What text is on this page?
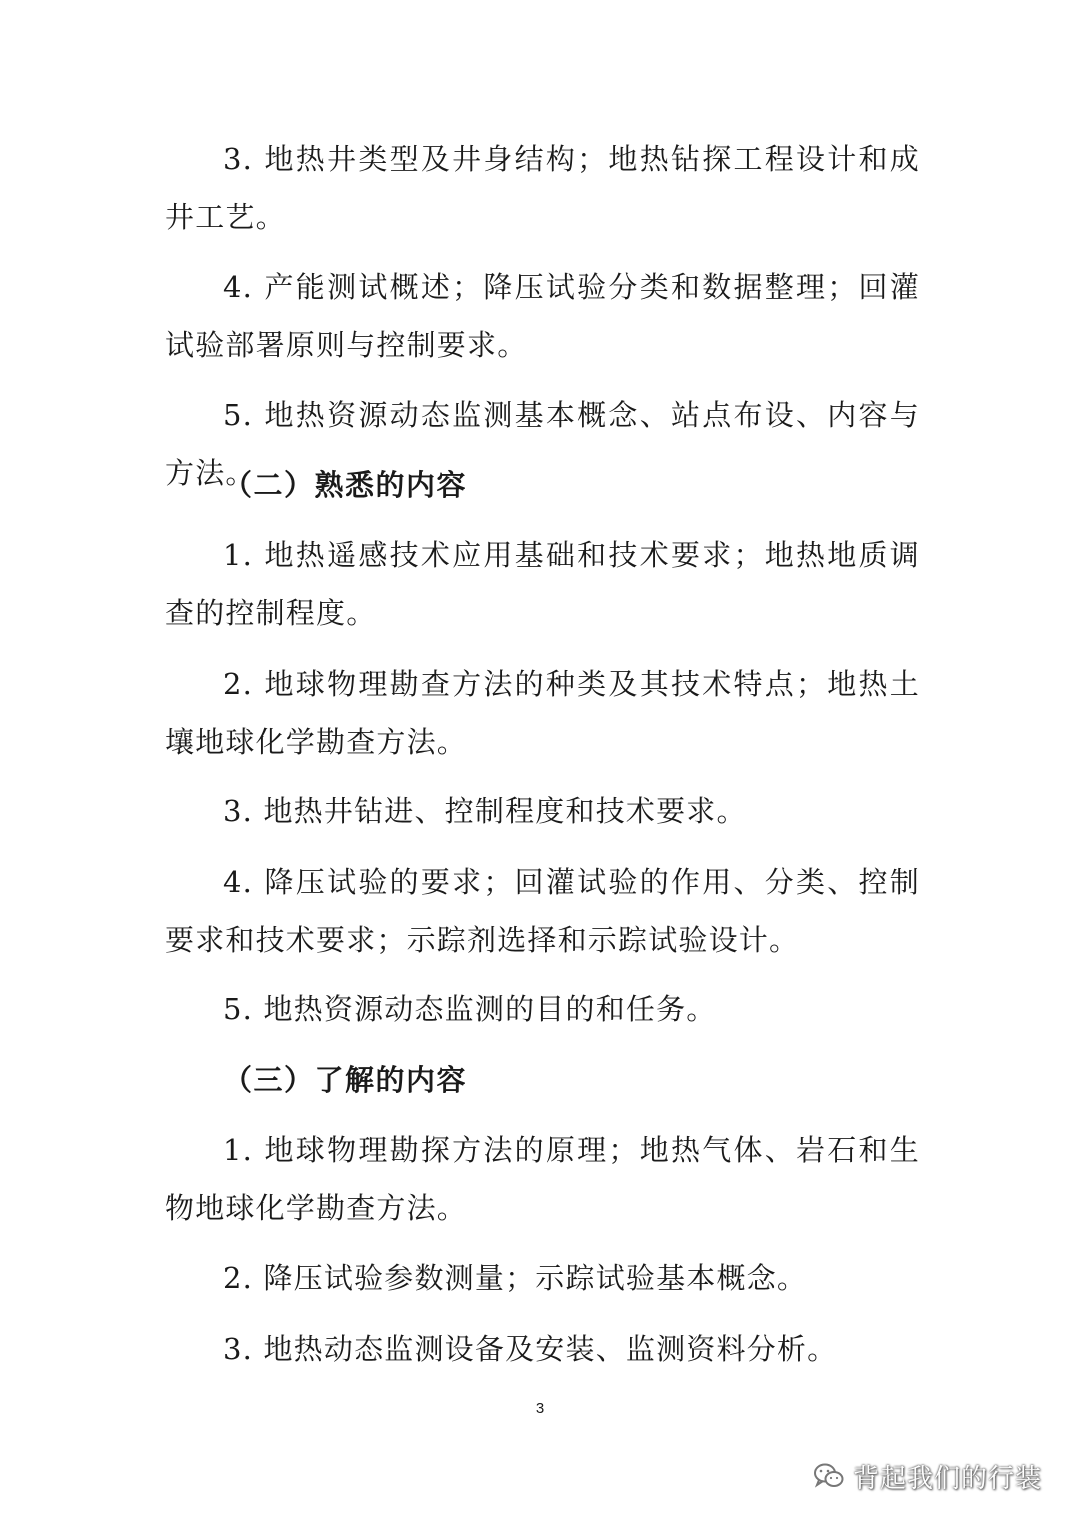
3. 地热井类型及井身结构；地热钻探工程设计和成井工艺。

4. 产能测试概述；降压试验分类和数据整理；回灌试验部署原则与控制要求。

5. 地热资源动态监测基本概念、站点布设、内容与方法。

（二）熟悉的内容

1. 地热遥感技术应用基础和技术要求；地热地质调查的控制程度。

2. 地球物理勘查方法的种类及其技术特点；地热土壤地球化学勘查方法。

3. 地热井钻进、控制程度和技术要求。

4. 降压试验的要求；回灌试验的作用、分类、控制要求和技术要求；示踪剂选择和示踪试验设计。

5. 地热资源动态监测的目的和任务。

（三）了解的内容

1. 地球物理勘探方法的原理；地热气体、岩石和生物地球化学勘查方法。

2. 降压试验参数测量；示踪试验基本概念。

3. 地热动态监测设备及安装、监测资料分析。

3
背起我们的行装
